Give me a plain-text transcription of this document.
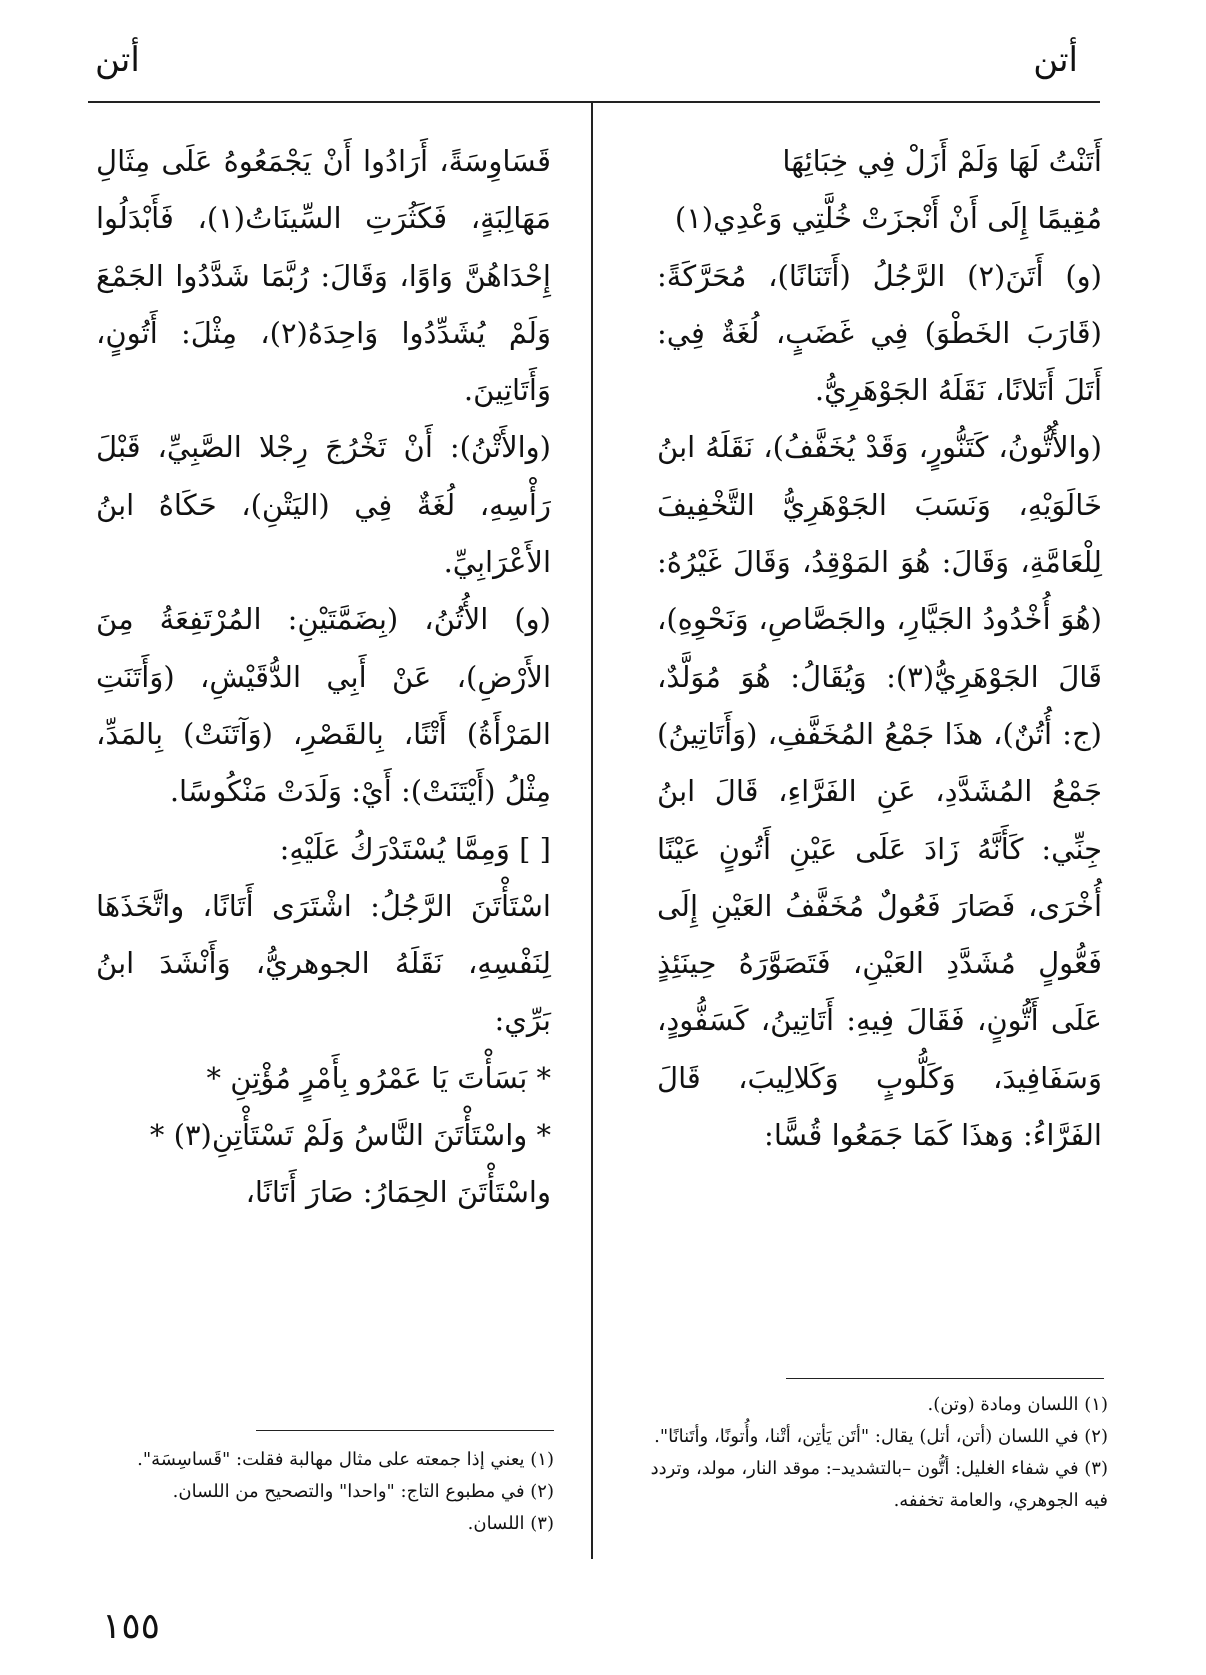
أتن
أتن

أَتَنْتُ لَهَا وَلَمْ أَزَلْ فِي خِبَائِهَا

مُقِيمًا إِلَى أَنْ أَنْجزَتْ خُلَّتِي وَعْدِي(١)

(و) أَتَنَ(٢) الرَّجُلُ (أَتَنَانًا)، مُحَرَّكَةً: (قَارَبَ الخَطْوَ) فِي غَضَبٍ، لُغَةٌ فِي: أَتَلَ أَتَلانًا، نَقَلَهُ الجَوْهَرِيُّ.

(والأُتُّونُ، كَتَنُّورٍ، وَقَدْ يُخَفَّفُ)، نَقَلَهُ ابنُ خَالَوَيْهِ، وَنَسَبَ الجَوْهَرِيُّ التَّخْفِيفَ لِلْعَامَّةِ، وَقَالَ: هُوَ المَوْقِدُ، وَقَالَ غَيْرُهُ: (هُوَ أُخْدُودُ الجَيَّارِ، والجَصَّاصِ، وَنَحْوِهِ)، قَالَ الجَوْهَرِيُّ(٣): وَيُقَالُ: هُوَ مُوَلَّدٌ، (ج: أُتُنٌ)، هذَا جَمْعُ المُخَفَّفِ، (وَأَتَاتِينُ) جَمْعُ المُشَدَّدِ، عَنِ الفَرَّاءِ، قَالَ ابنُ جِنِّي: كَأَنَّهُ زَادَ عَلَى عَيْنِ أَتُونٍ عَيْنًا أُخْرَى، فَصَارَ فَعُولٌ مُخَفَّفُ العَيْنِ إِلَى فَعُّولٍ مُشَدَّدِ العَيْنِ، فَتَصَوَّرَهُ حِينَئِذٍ عَلَى أَتُّونٍ، فَقَالَ فِيهِ: أَتَاتِينُ، كَسَفُّودٍ، وَسَفَافِيدَ، وَكَلُّوبٍ وَكَلالِيبَ، قَالَ الفَرَّاءُ: وَهذَا كَمَا جَمَعُوا قُسًّا:

قَسَاوِسَةً، أَرَادُوا أَنْ يَجْمَعُوهُ عَلَى مِثَالِ مَهَالِبَةٍ، فَكَثُرَتِ السِّينَاتُ(١)، فَأَبْدَلُوا إِحْدَاهُنَّ وَاوًا، وَقَالَ: رُبَّمَا شَدَّدُوا الجَمْعَ وَلَمْ يُشَدِّدُوا وَاحِدَهُ(٢)، مِثْلَ: أَتُونٍ، وَأَتَاتِينَ.

(والأَتْنُ): أَنْ تَخْرُجَ رِجْلا الصَّبِيِّ، قَبْلَ رَأْسِهِ، لُغَةٌ فِي (اليَتْنِ)، حَكَاهُ ابنُ الأَعْرَابِيِّ.

(و) الأُتُنُ، (بِضَمَّتَيْنِ: المُرْتَفِعَةُ مِنَ الأَرْضِ)، عَنْ أَبِي الدُّقَيْشِ، (وَأَتَنَتِ المَرْأَةُ) أَتْنًا، بِالقَصْرِ، (وَآتَنَتْ) بِالمَدِّ، مِثْلُ (أَيْتَنَتْ): أَيْ: وَلَدَتْ مَنْكُوسًا.

[ ] وَمِمَّا يُسْتَدْرَكُ عَلَيْهِ:

اسْتَأْتَنَ الرَّجُلُ: اشْتَرَى أَتَانًا، واتَّخَذَهَا لِنَفْسِهِ، نَقَلَهُ الجوهريُّ، وَأَنْشَدَ ابنُ بَرِّي:

* بَسَأْتَ يَا عَمْرُو بِأَمْرٍ مُؤْتِنِ *

* واسْتَأْتَنَ النَّاسُ وَلَمْ تَسْتَأْتِنِ(٣) *

واسْتَأْتَنَ الحِمَارُ: صَارَ أَتَانًا،

(١) اللسان ومادة (وتن).

(٢) في اللسان (أتن، أتل) يقال: "أتَن يَأتِن، أتْنا، وأُتونًا، وأتَنانًا".

(٣) في شفاء الغليل: أتُّون –بالتشديد–: موقد النار، مولد، وتردد فيه الجوهري، والعامة تخففه.

(١) يعني إذا جمعته على مثال مهالبة فقلت: "قَساسِسَة".

(٢) في مطبوع التاج: "واحدا" والتصحيح من اللسان.

(٣) اللسان.

١٥٥
